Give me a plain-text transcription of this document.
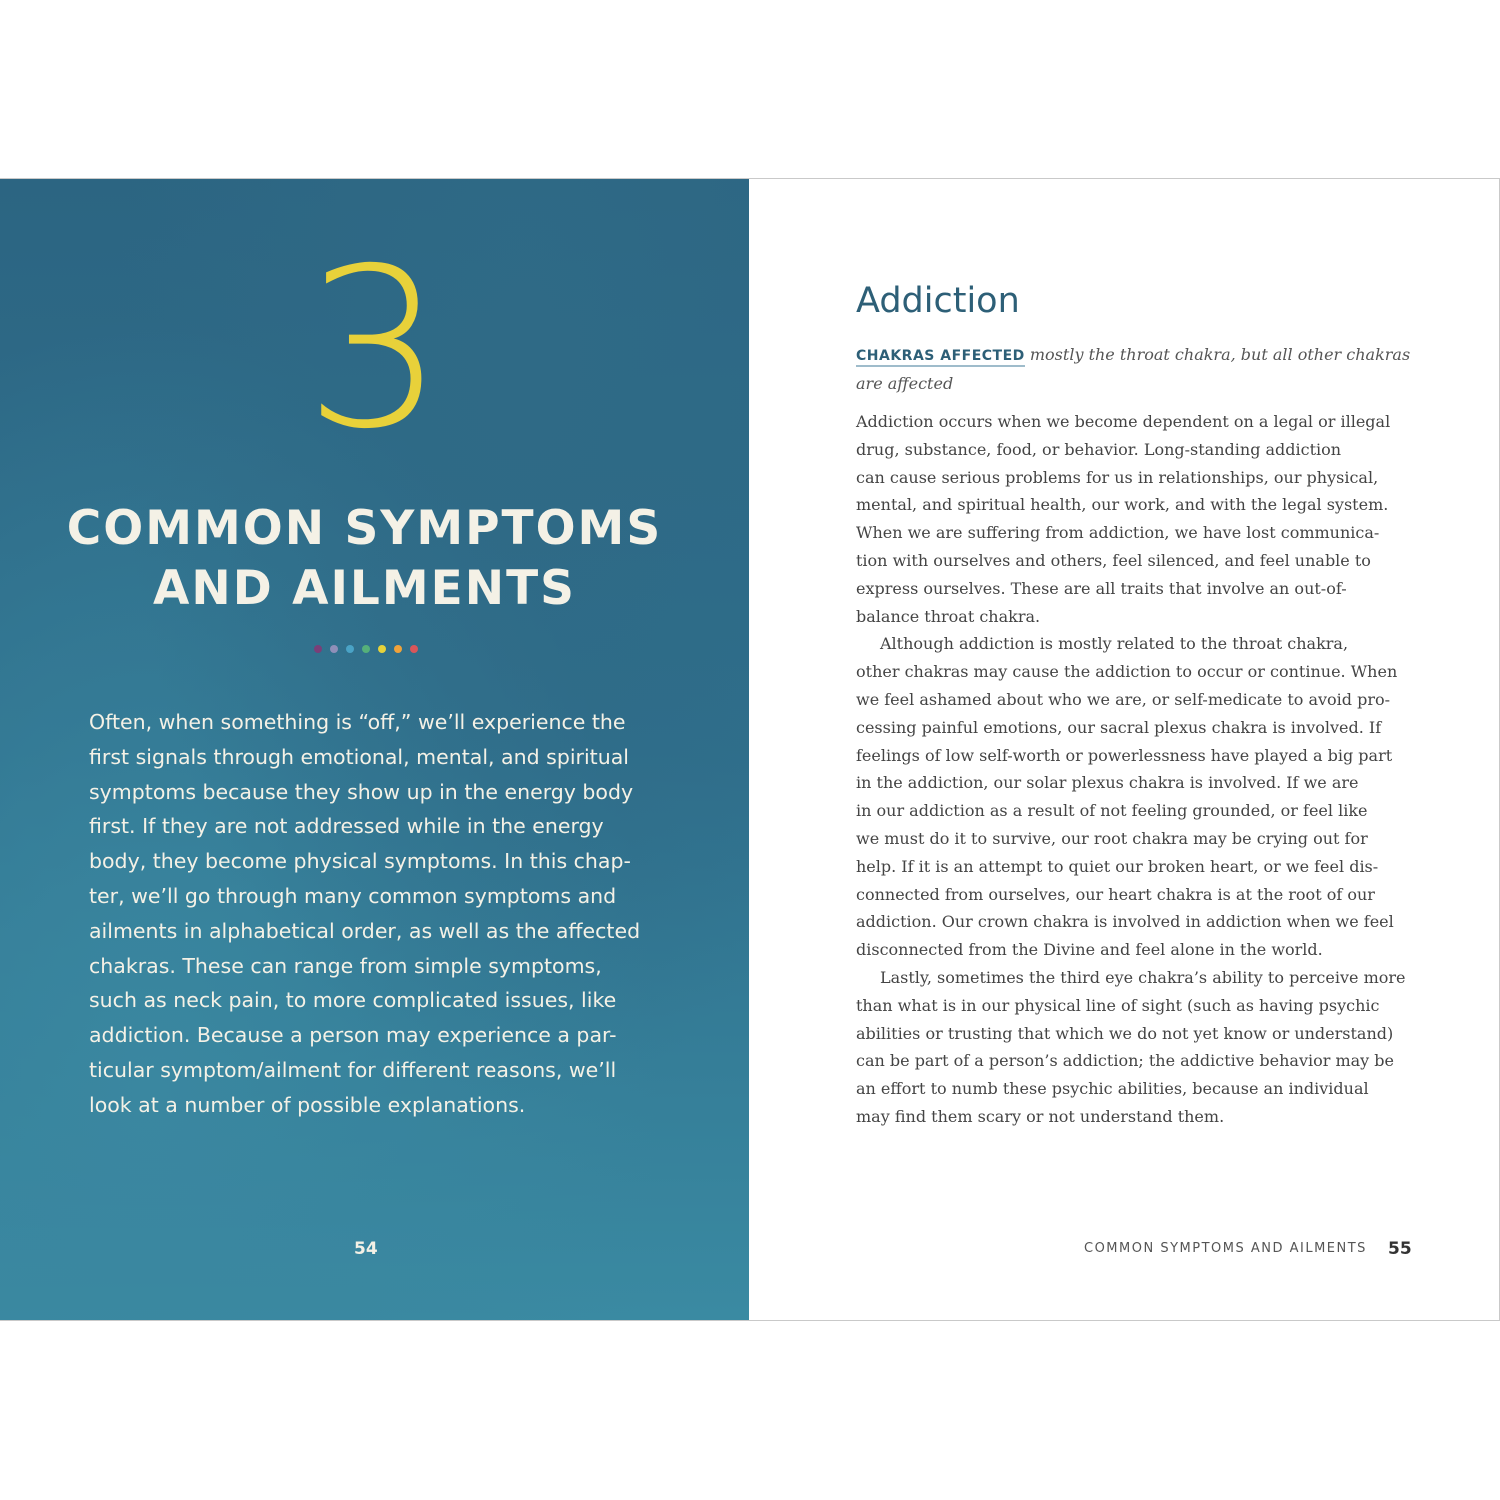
3
COMMON SYMPTOMS
AND AILMENTS
Often, when something is “off,” we’ll experience the
first signals through emotional, mental, and spiritual
symptoms because they show up in the energy body
first. If they are not addressed while in the energy
body, they become physical symptoms. In this chap-
ter, we’ll go through many common symptoms and
ailments in alphabetical order, as well as the affected
chakras. These can range from simple symptoms,
such as neck pain, to more complicated issues, like
addiction. Because a person may experience a par-
ticular symptom/ailment for different reasons, we’ll
look at a number of possible explanations.
54
Addiction
CHAKRAS AFFECTED mostly the throat chakra, but all other chakras
are affected
Addiction occurs when we become dependent on a legal or illegal
drug, substance, food, or behavior. Long-standing addiction
can cause serious problems for us in relationships, our physical,
mental, and spiritual health, our work, and with the legal system.
When we are suffering from addiction, we have lost communica-
tion with ourselves and others, feel silenced, and feel unable to
express ourselves. These are all traits that involve an out-of-
balance throat chakra.
Although addiction is mostly related to the throat chakra,
other chakras may cause the addiction to occur or continue. When
we feel ashamed about who we are, or self-medicate to avoid pro-
cessing painful emotions, our sacral plexus chakra is involved. If
feelings of low self-worth or powerlessness have played a big part
in the addiction, our solar plexus chakra is involved. If we are
in our addiction as a result of not feeling grounded, or feel like
we must do it to survive, our root chakra may be crying out for
help. If it is an attempt to quiet our broken heart, or we feel dis-
connected from ourselves, our heart chakra is at the root of our
addiction. Our crown chakra is involved in addiction when we feel
disconnected from the Divine and feel alone in the world.
Lastly, sometimes the third eye chakra’s ability to perceive more
than what is in our physical line of sight (such as having psychic
abilities or trusting that which we do not yet know or understand)
can be part of a person’s addiction; the addictive behavior may be
an effort to numb these psychic abilities, because an individual
may find them scary or not understand them.
COMMON SYMPTOMS AND AILMENTS 55
